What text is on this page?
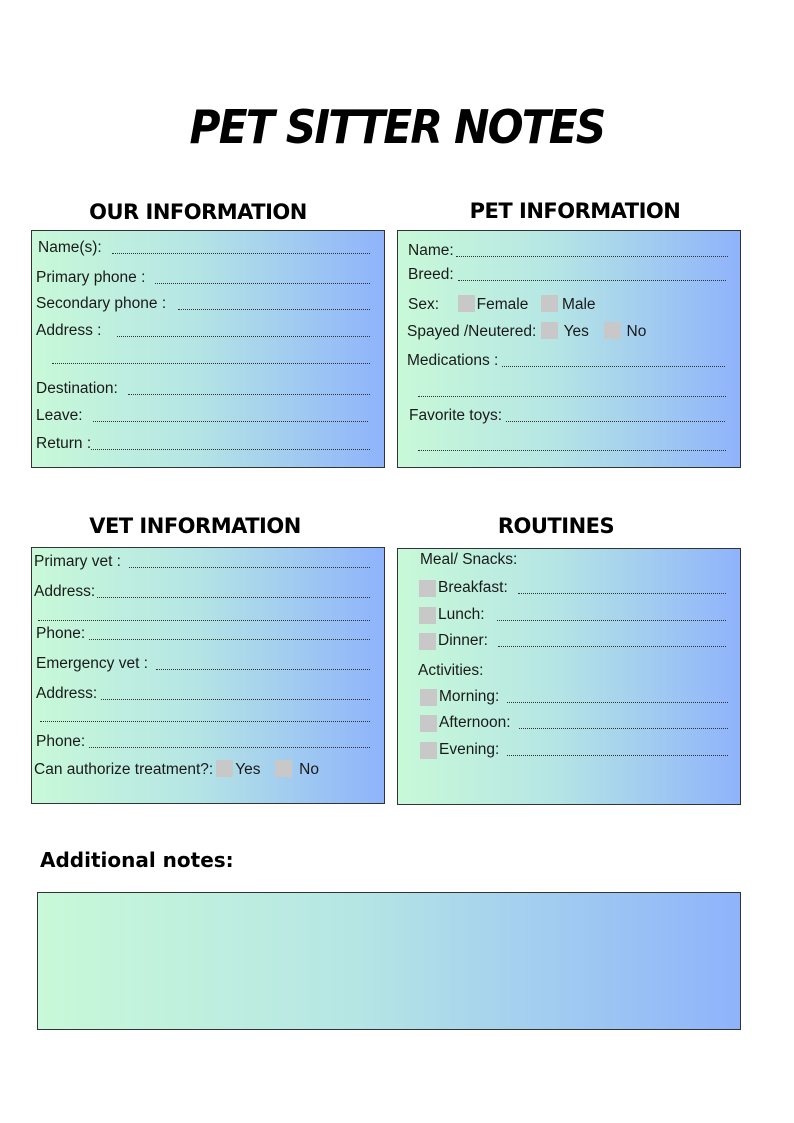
PET SITTER NOTES
OUR INFORMATION
Name(s):
Primary phone :
Secondary phone :
Address :
Destination:
Leave:
Return :
PET INFORMATION
Name:
Breed:
Sex: Female Male
Spayed /Neutered: Yes No
Medications :
Favorite toys:
VET INFORMATION
Primary vet :
Address:
Phone:
Emergency vet :
Address:
Phone:
Can authorize treatment?: Yes No
ROUTINES
Meal/ Snacks:
Breakfast:
Lunch:
Dinner:
Activities:
Morning:
Afternoon:
Evening:
Additional notes:
